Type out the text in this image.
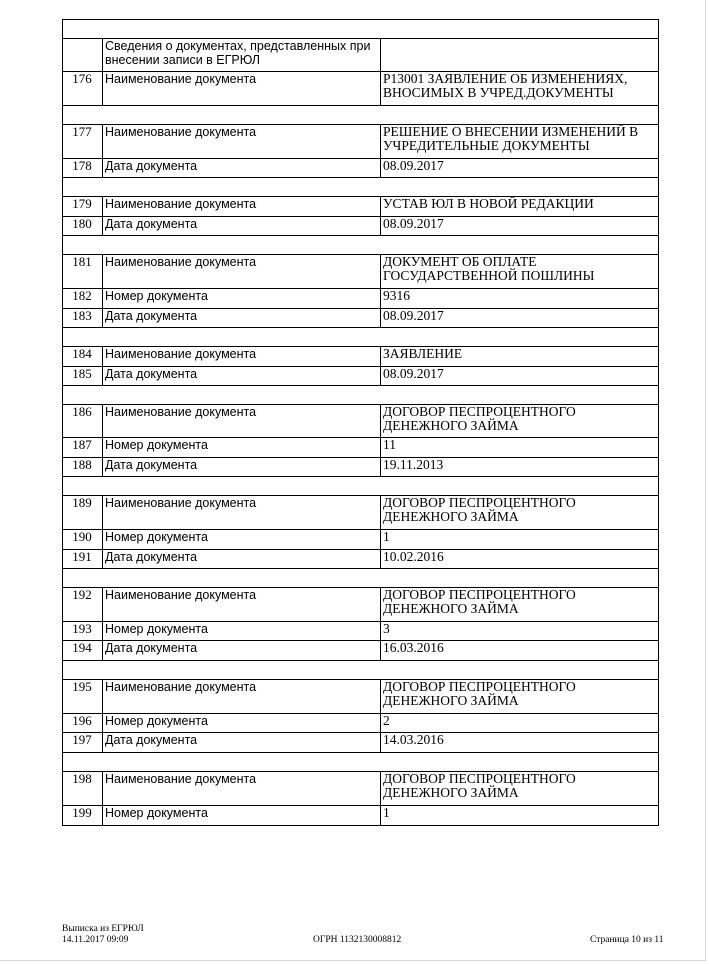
	Сведения о документах, представленных при внесении записи в ЕГРЮЛ	
176	Наименование документа	Р13001 ЗАЯВЛЕНИЕ ОБ ИЗМЕНЕНИЯХ, ВНОСИМЫХ В УЧРЕД.ДОКУМЕНТЫ

177	Наименование документа	РЕШЕНИЕ О ВНЕСЕНИИ ИЗМЕНЕНИЙ В УЧРЕДИТЕЛЬНЫЕ ДОКУМЕНТЫ
178	Дата документа	08.09.2017

179	Наименование документа	УСТАВ ЮЛ В НОВОЙ РЕДАКЦИИ
180	Дата документа	08.09.2017

181	Наименование документа	ДОКУМЕНТ ОБ ОПЛАТЕ ГОСУДАРСТВЕННОЙ ПОШЛИНЫ
182	Номер документа	9316
183	Дата документа	08.09.2017

184	Наименование документа	ЗАЯВЛЕНИЕ
185	Дата документа	08.09.2017

186	Наименование документа	ДОГОВОР ПЕСПРОЦЕНТНОГО ДЕНЕЖНОГО ЗАЙМА
187	Номер документа	11
188	Дата документа	19.11.2013

189	Наименование документа	ДОГОВОР ПЕСПРОЦЕНТНОГО ДЕНЕЖНОГО ЗАЙМА
190	Номер документа	1
191	Дата документа	10.02.2016

192	Наименование документа	ДОГОВОР ПЕСПРОЦЕНТНОГО ДЕНЕЖНОГО ЗАЙМА
193	Номер документа	3
194	Дата документа	16.03.2016

195	Наименование документа	ДОГОВОР ПЕСПРОЦЕНТНОГО ДЕНЕЖНОГО ЗАЙМА
196	Номер документа	2
197	Дата документа	14.03.2016

198	Наименование документа	ДОГОВОР ПЕСПРОЦЕНТНОГО ДЕНЕЖНОГО ЗАЙМА
199	Номер документа	1
Выписка из ЕГРЮЛ
14.11.2017 09:09	ОГРН 1132130008812	Страница 10 из 11
